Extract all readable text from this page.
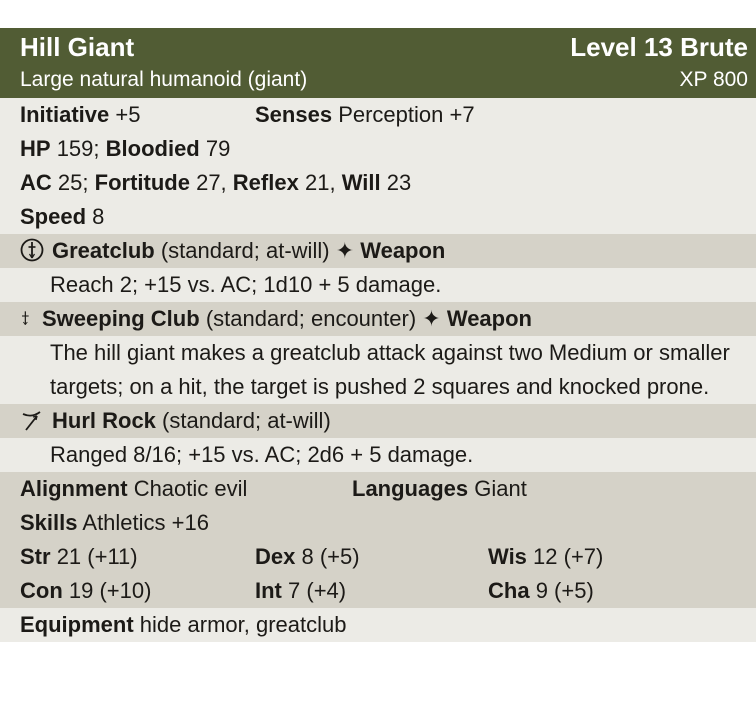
Hill Giant	Level 13 Brute
Large natural humanoid (giant)	XP 800
Initiative +5	Senses Perception +7
HP 159; Bloodied 79
AC 25; Fortitude 27, Reflex 21, Will 23
Speed 8
Greatclub (standard; at-will) ✦ Weapon
Reach 2; +15 vs. AC; 1d10 + 5 damage.
Sweeping Club (standard; encounter) ✦ Weapon
The hill giant makes a greatclub attack against two Medium or smaller targets; on a hit, the target is pushed 2 squares and knocked prone.
Hurl Rock (standard; at-will)
Ranged 8/16; +15 vs. AC; 2d6 + 5 damage.
Alignment Chaotic evil	Languages Giant
Skills Athletics +16
Str 21 (+11)	Dex 8 (+5)	Wis 12 (+7)
Con 19 (+10)	Int 7 (+4)	Cha 9 (+5)
Equipment hide armor, greatclub
